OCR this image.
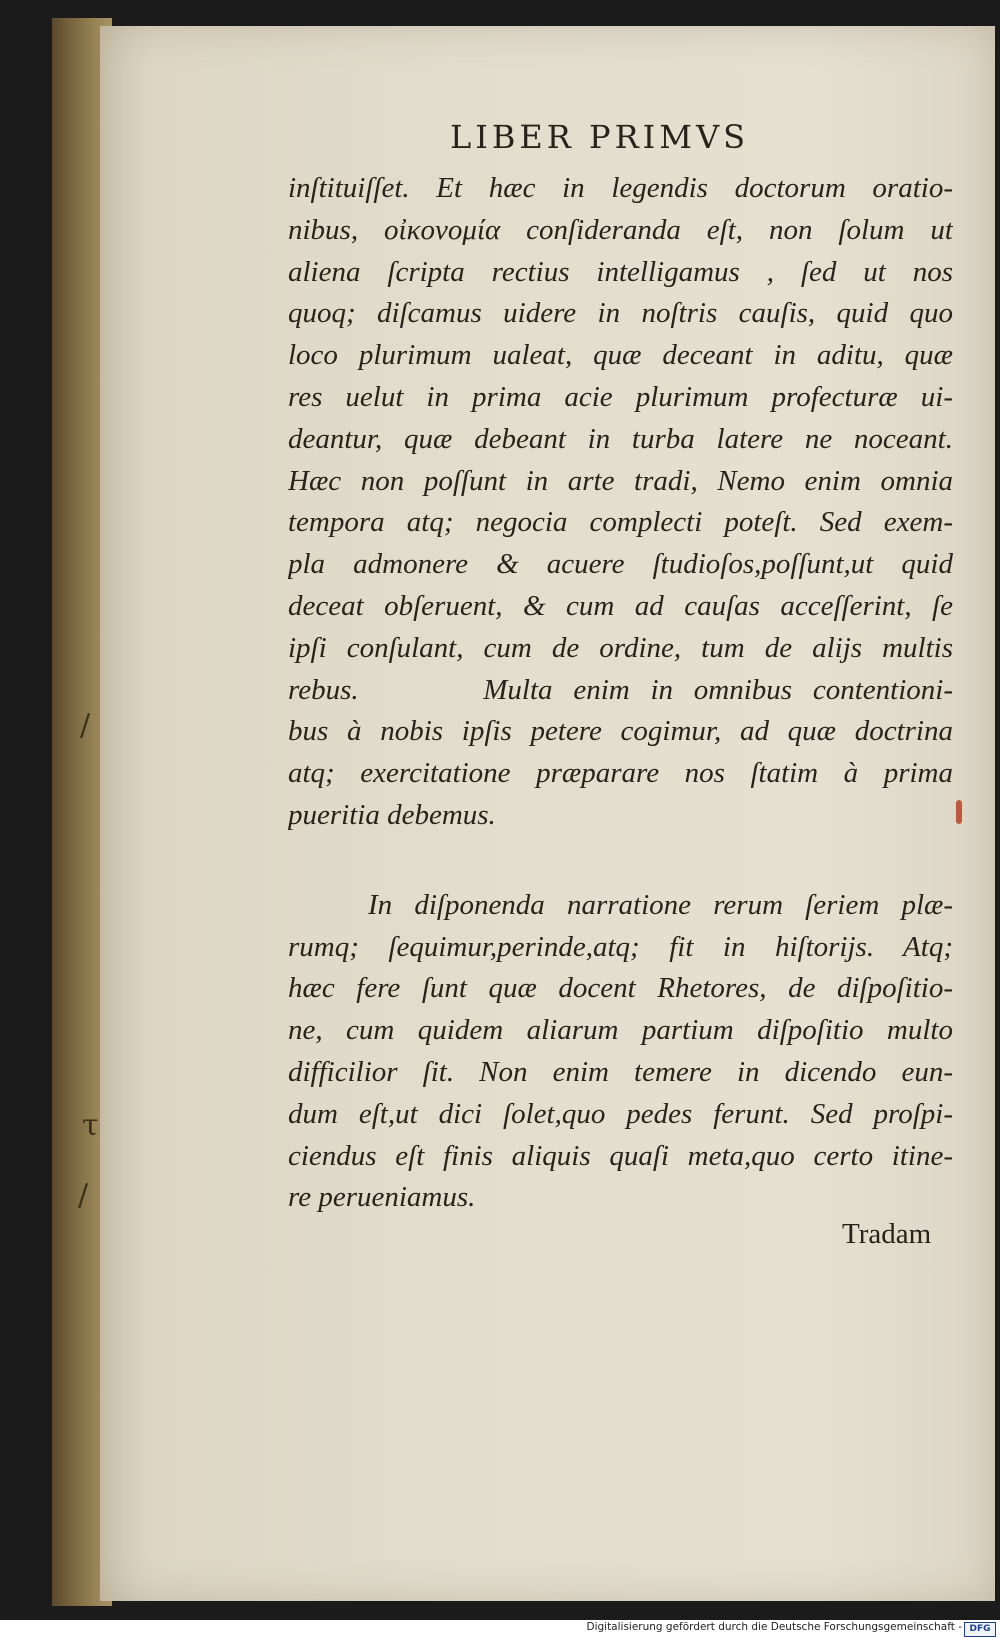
/
τ
/
LIBER PRIMVS
inſtituiſſet. Et hæc in legendis doctorum oratio-
nibus, οἰκονομία conſideranda eſt, non ſolum ut
aliena ſcripta rectius intelligamus , ſed ut nos
quoq; diſcamus uidere in noſtris cauſis, quid quo
loco plurimum ualeat, quæ deceant in aditu, quæ
res uelut in prima acie plurimum profecturæ ui-
deantur, quæ debeant in turba latere ne noceant.
Hæc non poſſunt in arte tradi, Nemo enim omnia
tempora atq; negocia complecti poteſt. Sed exem-
pla admonere & acuere ſtudioſos,poſſunt,ut quid
deceat obſeruent, & cum ad cauſas acceſſerint, ſe
ipſi conſulant, cum de ordine, tum de alijs multis
rebus.      Multa enim in omnibus contentioni-
bus à nobis ipſis petere cogimur, ad quæ doctrina
atq; exercitatione præparare nos ſtatim à prima
pueritia debemus.
In diſponenda narratione rerum ſeriem plæ-
rumq; ſequimur,perinde,atq; fit in hiſtorijs. Atq;
hæc fere ſunt quæ docent Rhetores, de diſpoſitio-
ne, cum quidem aliarum partium diſpoſitio multo
difficilior ſit. Non enim temere in dicendo eun-
dum eſt,ut dici ſolet,quo pedes ferunt. Sed proſpi-
ciendus eſt finis aliquis quaſi meta,quo certo itine-
re perueniamus.
Tradam
Digitalisierung gefördert durch die Deutsche Forschungsgemeinschaft - DFG
